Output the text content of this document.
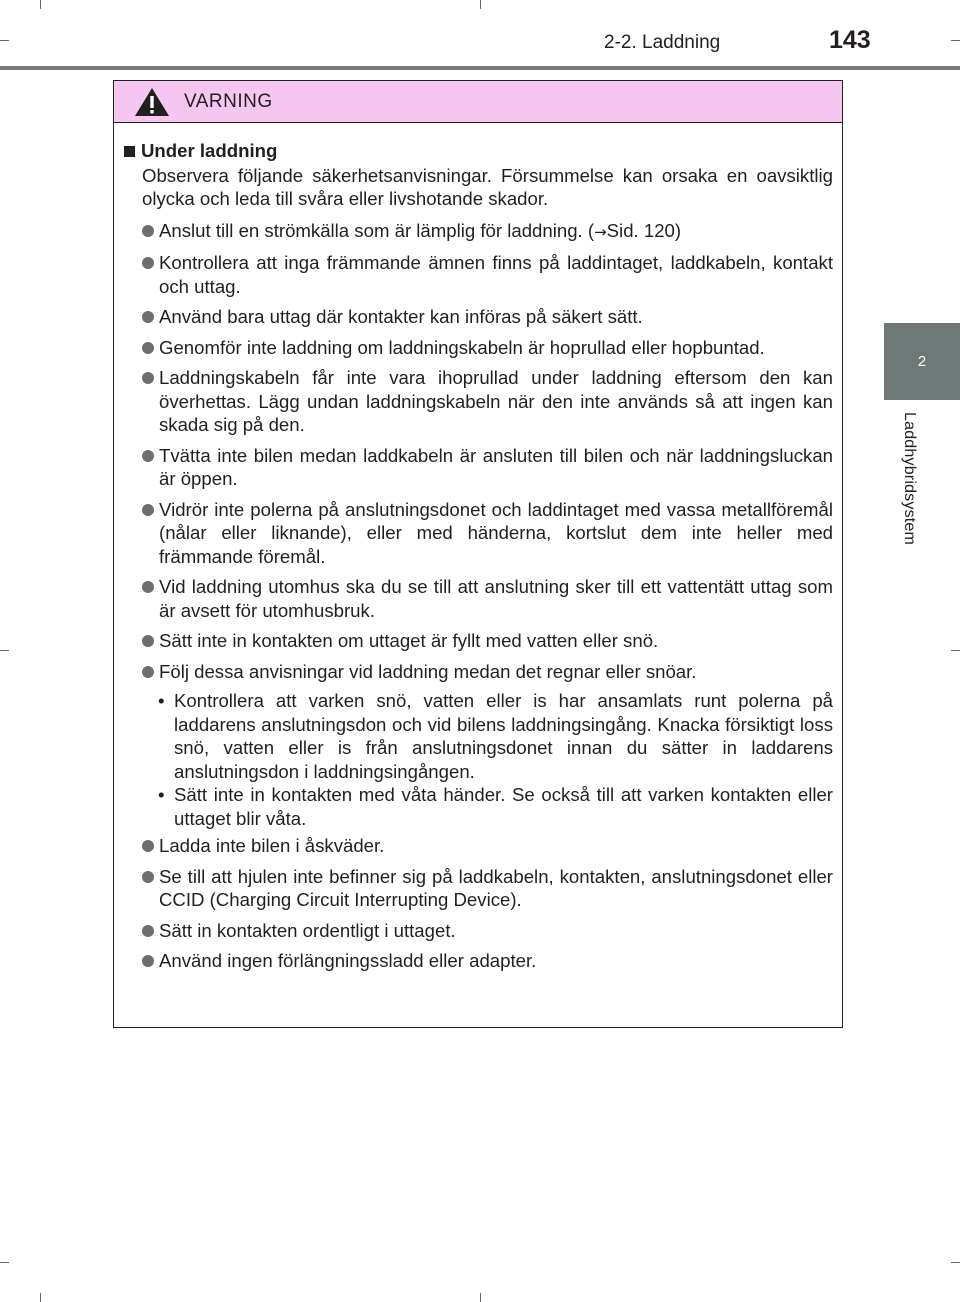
2-2. Laddning	143
2
Laddhybridsystem
VARNING
Under laddning
Observera följande säkerhetsanvisningar. Försummelse kan orsaka en oavsiktlig olycka och leda till svåra eller livshotande skador.
Anslut till en strömkälla som är lämplig för laddning. (→Sid. 120)
Kontrollera att inga främmande ämnen finns på laddintaget, laddkabeln, kontakt och uttag.
Använd bara uttag där kontakter kan införas på säkert sätt.
Genomför inte laddning om laddningskabeln är hoprullad eller hopbuntad.
Laddningskabeln får inte vara ihoprullad under laddning eftersom den kan överhettas. Lägg undan laddningskabeln när den inte används så att ingen kan skada sig på den.
Tvätta inte bilen medan laddkabeln är ansluten till bilen och när laddningsluckan är öppen.
Vidrör inte polerna på anslutningsdonet och laddintaget med vassa metallföremål (nålar eller liknande), eller med händerna, kortslut dem inte heller med främmande föremål.
Vid laddning utomhus ska du se till att anslutning sker till ett vattentätt uttag som är avsett för utomhusbruk.
Sätt inte in kontakten om uttaget är fyllt med vatten eller snö.
Följ dessa anvisningar vid laddning medan det regnar eller snöar.
• Kontrollera att varken snö, vatten eller is har ansamlats runt polerna på laddarens anslutningsdon och vid bilens laddningsingång. Knacka försiktigt loss snö, vatten eller is från anslutningsdonet innan du sätter in laddarens anslutningsdon i laddningsingången.
• Sätt inte in kontakten med våta händer. Se också till att varken kontakten eller uttaget blir våta.
Ladda inte bilen i åskväder.
Se till att hjulen inte befinner sig på laddkabeln, kontakten, anslutningsdonet eller CCID (Charging Circuit Interrupting Device).
Sätt in kontakten ordentligt i uttaget.
Använd ingen förlängningssladd eller adapter.
